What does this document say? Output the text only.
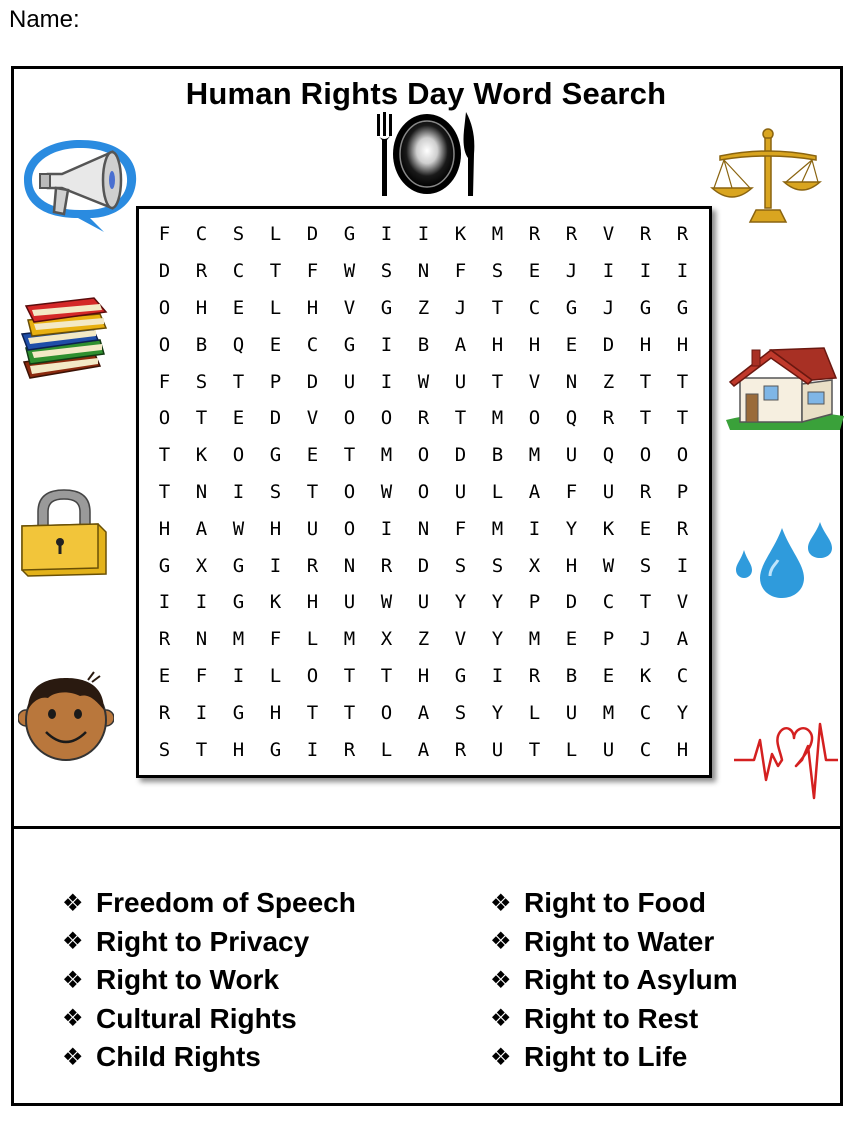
Name:
Human Rights Day Word Search
F	C	S	L	D	G	I	I	K	M	R	R	V	R	R
D	R	C	T	F	W	S	N	F	S	E	J	I	I	I
O	H	E	L	H	V	G	Z	J	T	C	G	J	G	G
O	B	Q	E	C	G	I	B	A	H	H	E	D	H	H
F	S	T	P	D	U	I	W	U	T	V	N	Z	T	T
O	T	E	D	V	O	O	R	T	M	O	Q	R	T	T
T	K	O	G	E	T	M	O	D	B	M	U	Q	O	O
T	N	I	S	T	O	W	O	U	L	A	F	U	R	P
H	A	W	H	U	O	I	N	F	M	I	Y	K	E	R
G	X	G	I	R	N	R	D	S	S	X	H	W	S	I
I	I	G	K	H	U	W	U	Y	Y	P	D	C	T	V
R	N	M	F	L	M	X	Z	V	Y	M	E	P	J	A
E	F	I	L	O	T	T	H	G	I	R	B	E	K	C
R	I	G	H	T	T	O	A	S	Y	L	U	M	C	Y
S	T	H	G	I	R	L	A	R	U	T	L	U	C	H
❖ Freedom of Speech
❖ Right to Privacy
❖ Right to Work
❖ Cultural Rights
❖ Child Rights
❖ Right to Food
❖ Right to Water
❖ Right to Asylum
❖ Right to Rest
❖ Right to Life
